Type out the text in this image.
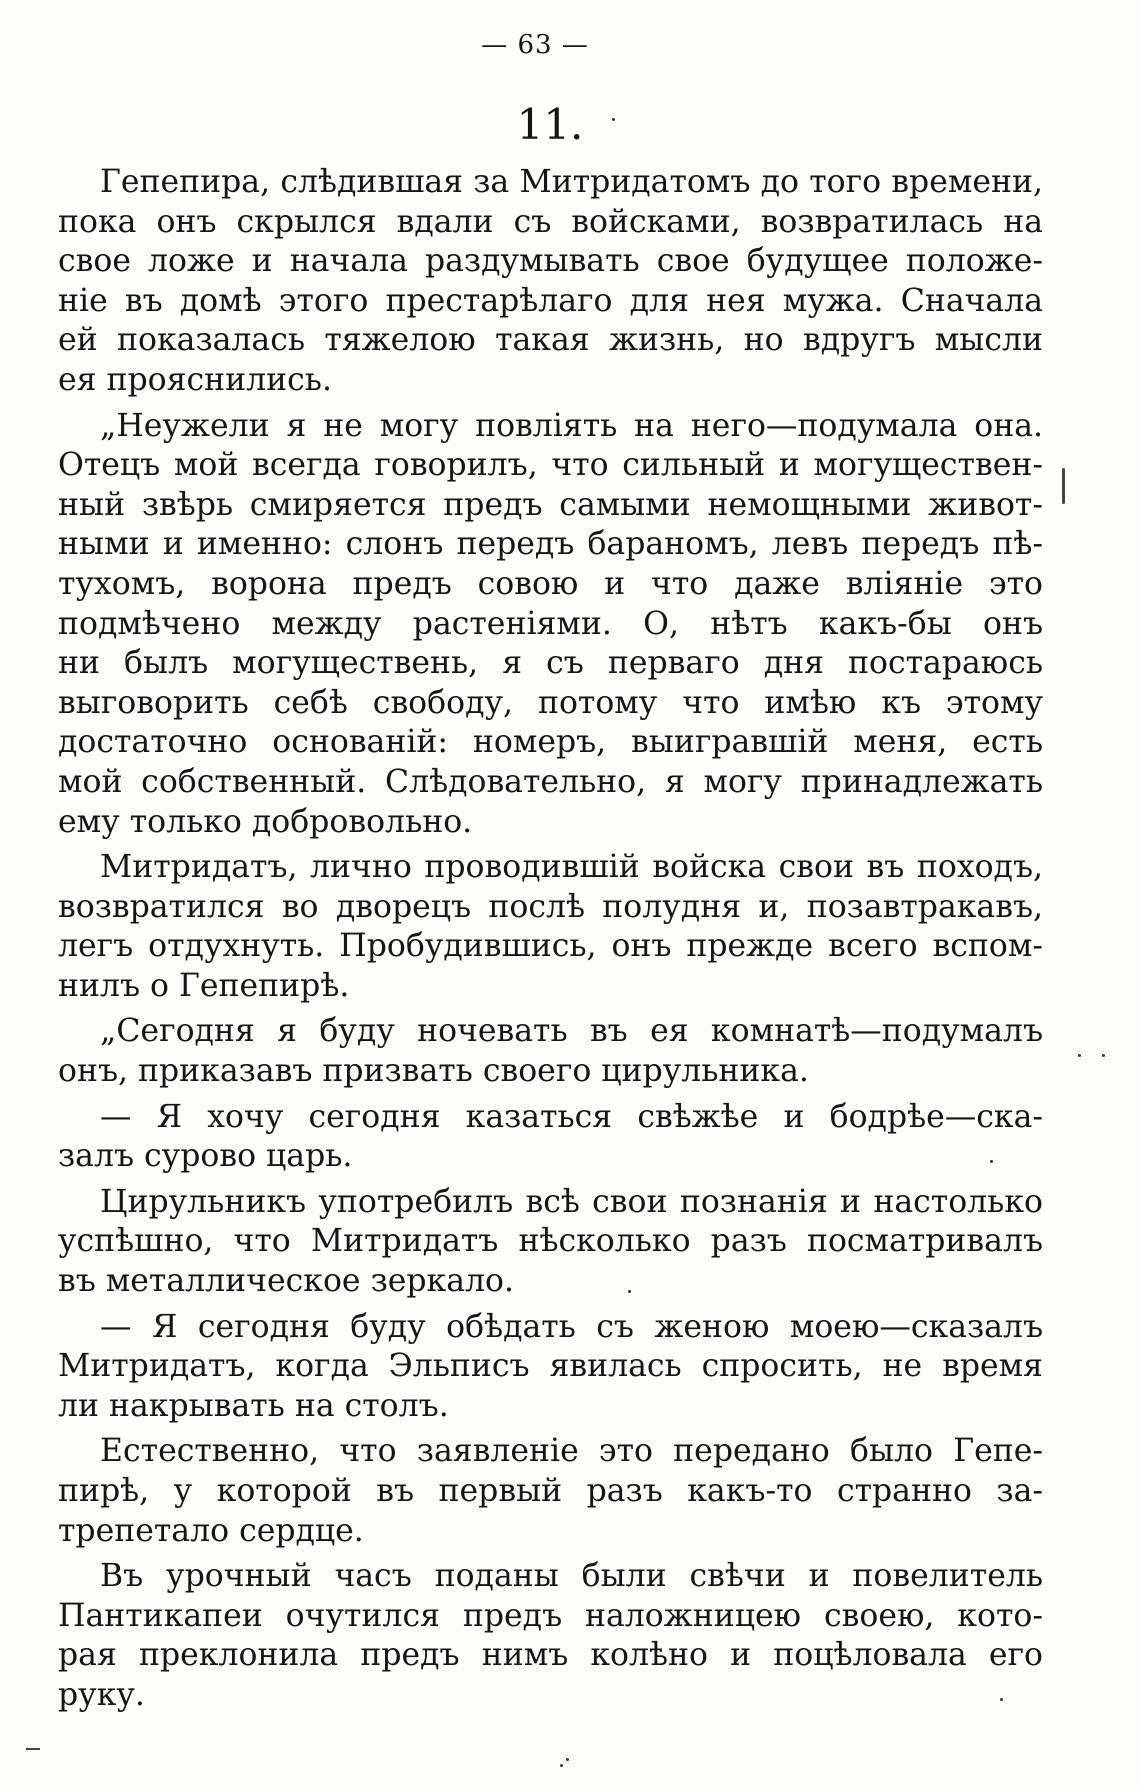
— 63 —
11.
Гепепира, слѣдившая за Митридатомъ до того времени,
пока онъ скрылся вдали съ войсками, возвратилась на
свое ложе и начала раздумывать свое будущее положе-
ніе въ домѣ этого престарѣлаго для нея мужа. Сначала
ей показалась тяжелою такая жизнь, но вдругъ мысли
ея прояснились.
„Неужели я не могу повліять на него—подумала она.
Отецъ мой всегда говорилъ, что сильный и могуществен-
ный звѣрь смиряется предъ самыми немощными живот-
ными и именно: слонъ передъ бараномъ, левъ передъ пѣ-
тухомъ, ворона предъ совою и что даже вліяніе это
подмѣчено между растеніями. О, нѣтъ какъ-бы онъ
ни былъ могуществень, я съ перваго дня постараюсь
выговорить себѣ свободу, потому что имѣю къ этому
достаточно основаній: номеръ, выигравшій меня, есть
мой собственный. Слѣдовательно, я могу принадлежать
ему только добровольно.
Митридатъ, лично проводившій войска свои въ походъ,
возвратился во дворецъ послѣ полудня и, позавтракавъ,
легъ отдухнуть. Пробудившись, онъ прежде всего вспом-
нилъ о Гепепирѣ.
„Сегодня я буду ночевать въ ея комнатѣ—подумалъ
онъ, приказавъ призвать своего цирульника.
— Я хочу сегодня казаться свѣжѣе и бодрѣе—ска-
залъ сурово царь.
Цирульникъ употребилъ всѣ свои познанія и настолько
успѣшно, что Митридатъ нѣсколько разъ посматривалъ
въ металлическое зеркало.
— Я сегодня буду обѣдать съ женою моею—сказалъ
Митридатъ, когда Эльписъ явилась спросить, не время
ли накрывать на столъ.
Естественно, что заявленіе это передано было Гепе-
пирѣ, у которой въ первый разъ какъ-то странно за-
трепетало сердце.
Въ урочный часъ поданы были свѣчи и повелитель
Пантикапеи очутился предъ наложницею своею, кото-
рая преклонила предъ нимъ колѣно и поцѣловала его
руку.
